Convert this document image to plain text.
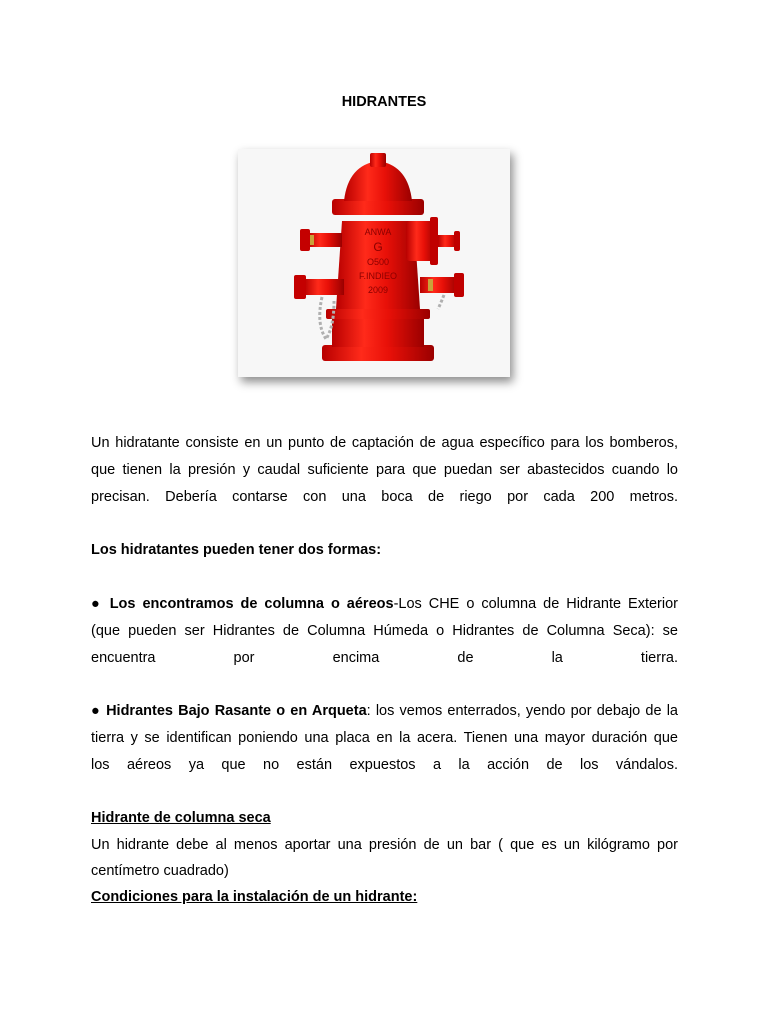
HIDRANTES
ANWA
G
O500
F.INDIEO
2009
Un hidratante consiste en un punto de captación de agua específico para los bomberos,
que tienen la presión y caudal suficiente para que puedan ser abastecidos cuando lo
precisan. Debería contarse con una boca de riego por cada 200 metros.
Los hidratantes pueden tener dos formas:
● Los encontramos de columna o aéreos-Los CHE o columna de Hidrante Exterior
(que pueden ser Hidrantes de Columna Húmeda o Hidrantes de Columna Seca): se
encuentra por encima de la tierra.
● Hidrantes Bajo Rasante o en Arqueta: los vemos enterrados, yendo por debajo de la
tierra y se identifican poniendo una placa en la acera. Tienen una mayor duración que
los aéreos ya que no están expuestos a la acción de los vándalos.
Hidrante de columna seca
Un hidrante debe al menos aportar una presión de un bar ( que es un kilógramo por
centímetro cuadrado)
Condiciones para la instalación de un hidrante:
